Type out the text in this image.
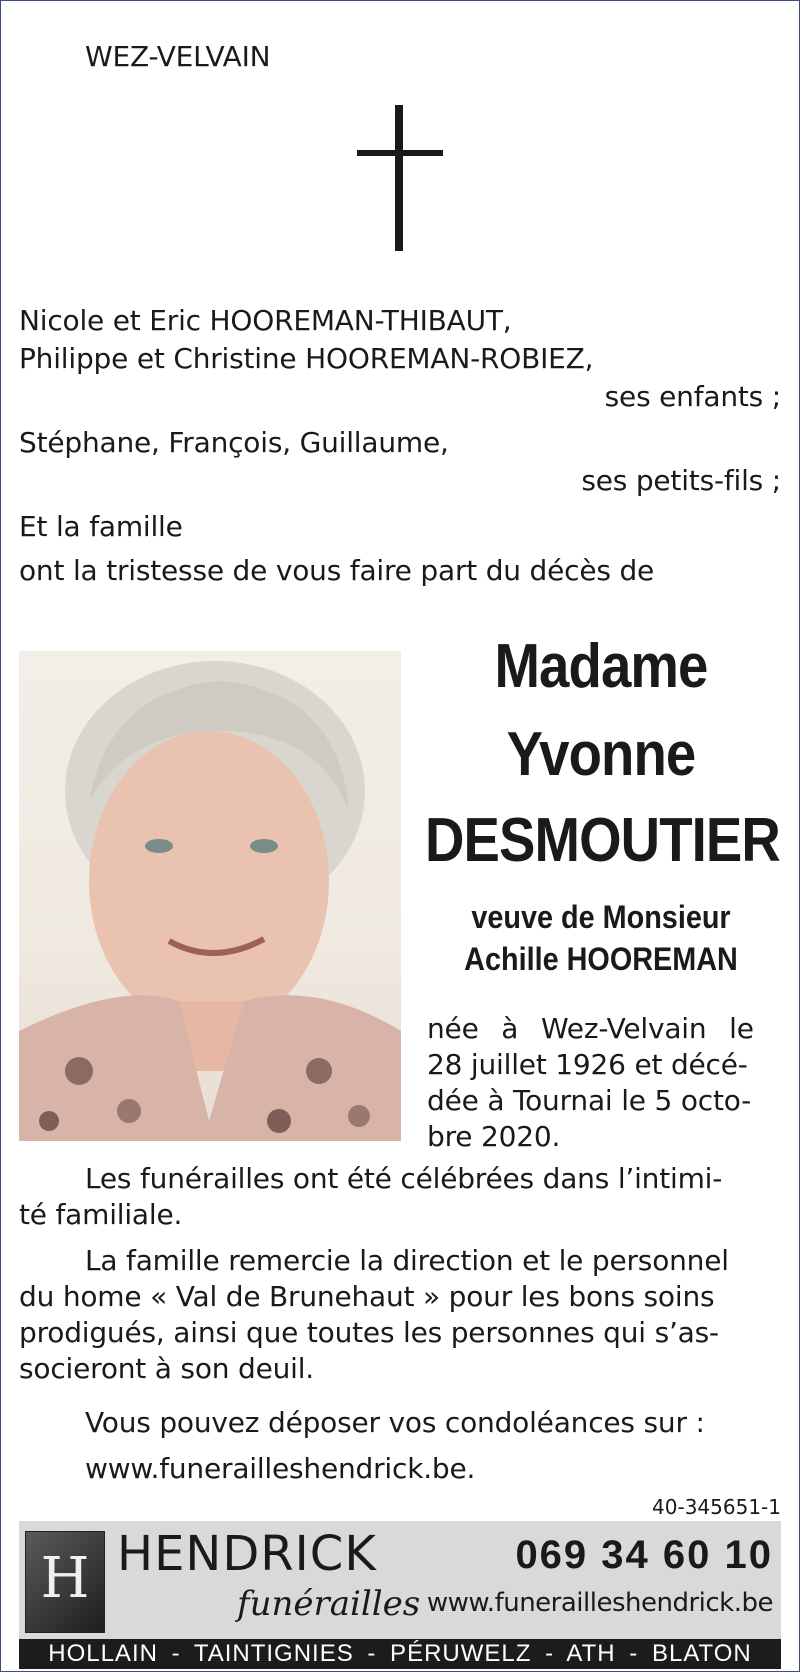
WEZ-VELVAIN
Nicole et Eric HOOREMAN-THIBAUT,
Philippe et Christine HOOREMAN-ROBIEZ,
ses enfants ;
Stéphane, François, Guillaume,
ses petits-fils ;
Et la famille
ont la tristesse de vous faire part du décès de
Madame
Yvonne
DESMOUTIER
veuve de Monsieur
Achille HOOREMAN
née à Wez-Velvain le
28 juillet 1926 et décé-
dée à Tournai le 5 octo-
bre 2020.
Les funérailles ont été célébrées dans l’intimi-
té familiale.
La famille remercie la direction et le personnel
du home « Val de Brunehaut » pour les bons soins
prodigués, ainsi que toutes les personnes qui s’as-
socieront à son deuil.
Vous pouvez déposer vos condoléances sur :
www.funerailleshendrick.be.
40-345651-1
H HENDRICK
funérailles
069 34 60 10
www.funerailleshendrick.be
HOLLAIN - TAINTIGNIES - PÉRUWELZ - ATH - BLATON
